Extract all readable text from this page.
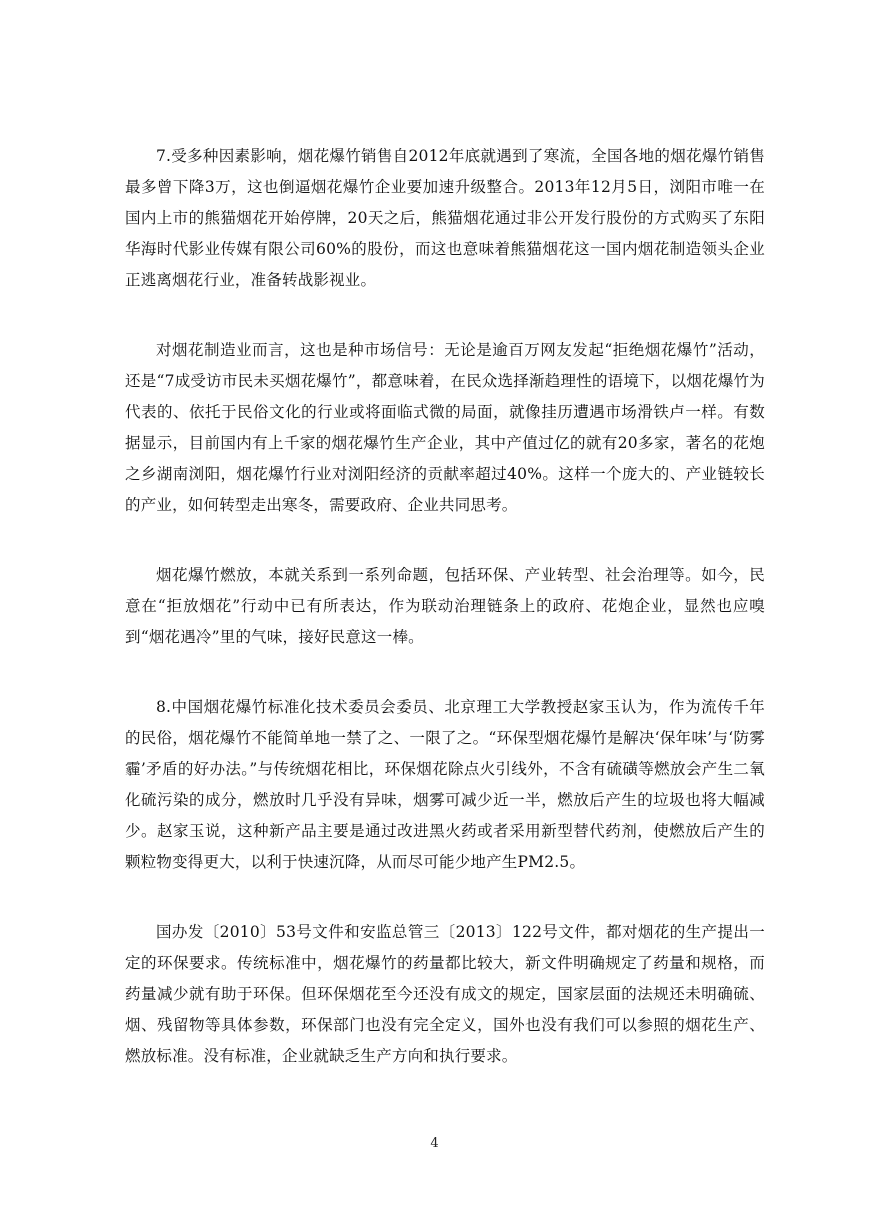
7.受多种因素影响，烟花爆竹销售自2012年底就遇到了寒流，全国各地的烟花爆竹销售最多曾下降3万，这也倒逼烟花爆竹企业要加速升级整合。2013年12月5日，浏阳市唯一在国内上市的熊猫烟花开始停牌，20天之后，熊猫烟花通过非公开发行股份的方式购买了东阳华海时代影业传媒有限公司60%的股份，而这也意味着熊猫烟花这一国内烟花制造领头企业正逃离烟花行业，准备转战影视业。

对烟花制造业而言，这也是种市场信号：无论是逾百万网友发起“拒绝烟花爆竹”活动，还是“7成受访市民未买烟花爆竹”，都意味着，在民众选择渐趋理性的语境下，以烟花爆竹为代表的、依托于民俗文化的行业或将面临式微的局面，就像挂历遭遇市场滑铁卢一样。有数据显示，目前国内有上千家的烟花爆竹生产企业，其中产值过亿的就有20多家，著名的花炮之乡湖南浏阳，烟花爆竹行业对浏阳经济的贡献率超过40%。这样一个庞大的、产业链较长的产业，如何转型走出寒冬，需要政府、企业共同思考。

烟花爆竹燃放，本就关系到一系列命题，包括环保、产业转型、社会治理等。如今，民意在“拒放烟花”行动中已有所表达，作为联动治理链条上的政府、花炮企业，显然也应嗅到“烟花遇冷”里的气味，接好民意这一棒。

8.中国烟花爆竹标准化技术委员会委员、北京理工大学教授赵家玉认为，作为流传千年的民俗，烟花爆竹不能简单地一禁了之、一限了之。“环保型烟花爆竹是解决‘保年味’与‘防雾霾’矛盾的好办法。”与传统烟花相比，环保烟花除点火引线外，不含有硫磺等燃放会产生二氧化硫污染的成分，燃放时几乎没有异味，烟雾可减少近一半，燃放后产生的垃圾也将大幅减少。赵家玉说，这种新产品主要是通过改进黑火药或者采用新型替代药剂，使燃放后产生的颗粒物变得更大，以利于快速沉降，从而尽可能少地产生PM2.5。

国办发〔2010〕53号文件和安监总管三〔2013〕122号文件，都对烟花的生产提出一定的环保要求。传统标准中，烟花爆竹的药量都比较大，新文件明确规定了药量和规格，而药量减少就有助于环保。但环保烟花至今还没有成文的规定，国家层面的法规还未明确硫、烟、残留物等具体参数，环保部门也没有完全定义，国外也没有我们可以参照的烟花生产、燃放标准。没有标准，企业就缺乏生产方向和执行要求。

4
